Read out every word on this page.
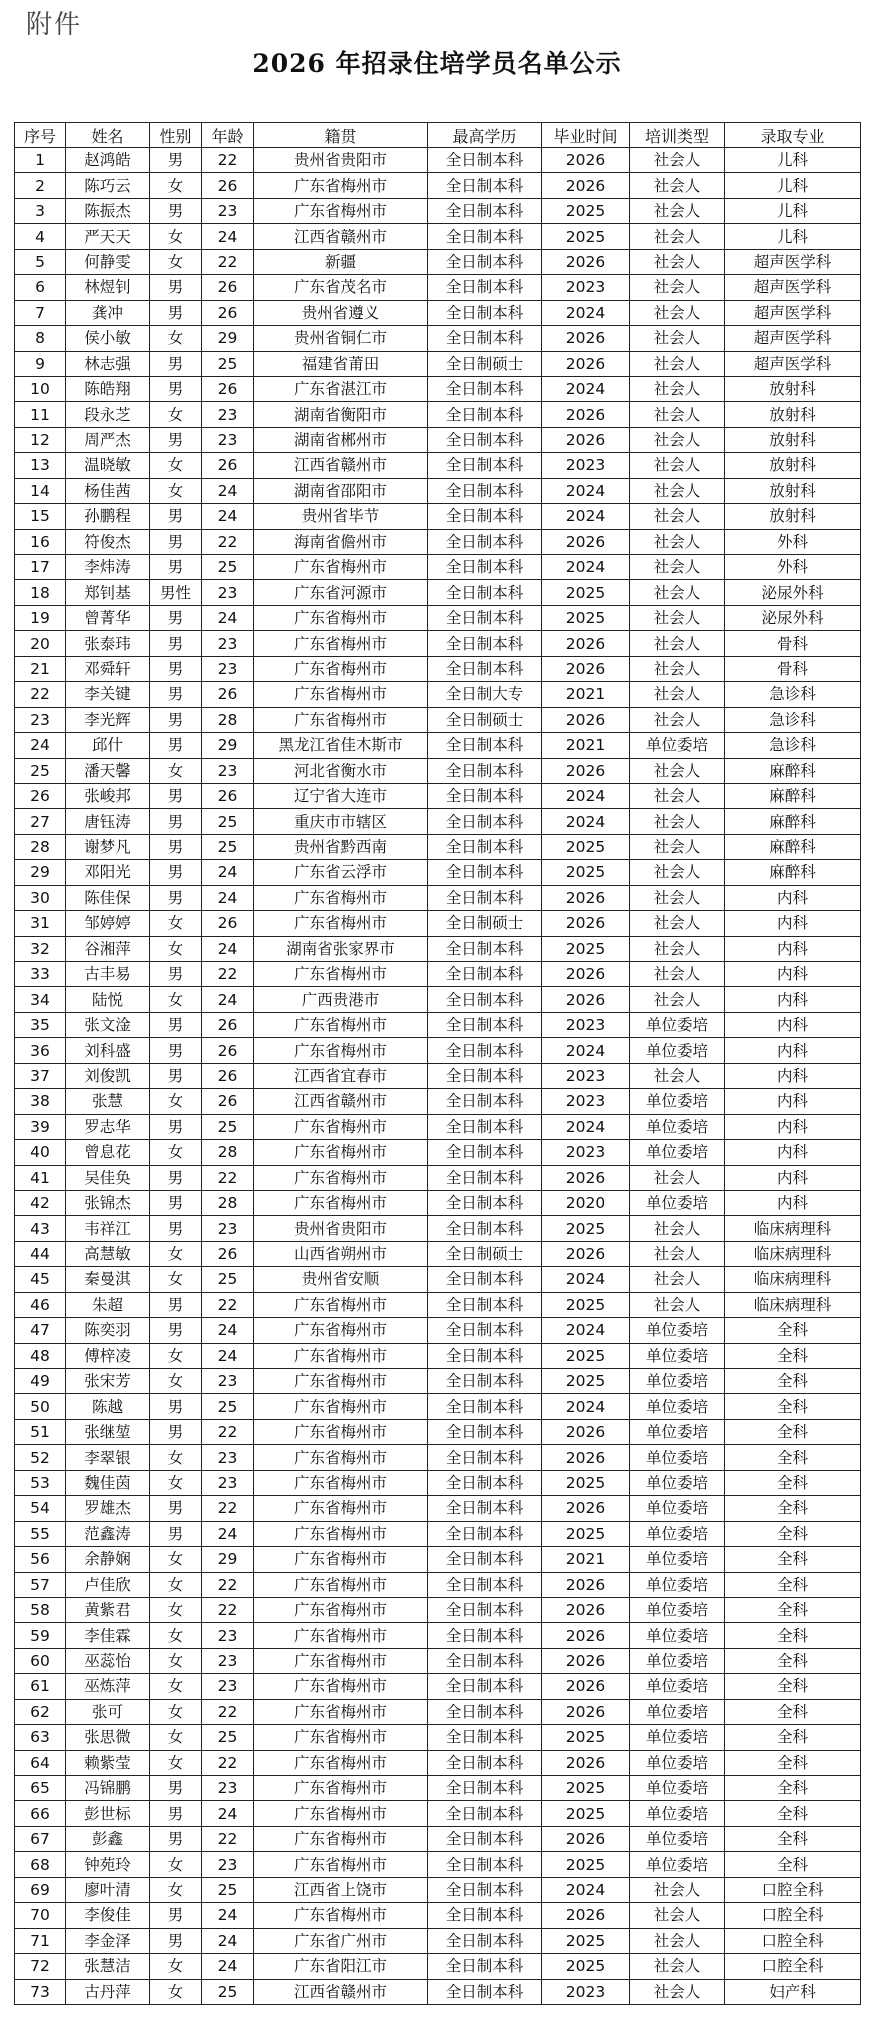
附件
2026 年招录住培学员名单公示
序号	姓名	性别	年龄	籍贯	最高学历	毕业时间	培训类型	录取专业
1	赵鸿皓	男	22	贵州省贵阳市	全日制本科	2026	社会人	儿科
2	陈巧云	女	26	广东省梅州市	全日制本科	2026	社会人	儿科
3	陈振杰	男	23	广东省梅州市	全日制本科	2025	社会人	儿科
4	严天天	女	24	江西省赣州市	全日制本科	2025	社会人	儿科
5	何静雯	女	22	新疆	全日制本科	2026	社会人	超声医学科
6	林煜钊	男	26	广东省茂名市	全日制本科	2023	社会人	超声医学科
7	龚冲	男	26	贵州省遵义	全日制本科	2024	社会人	超声医学科
8	侯小敏	女	29	贵州省铜仁市	全日制本科	2026	社会人	超声医学科
9	林志强	男	25	福建省莆田	全日制硕士	2026	社会人	超声医学科
10	陈皓翔	男	26	广东省湛江市	全日制本科	2024	社会人	放射科
11	段永芝	女	23	湖南省衡阳市	全日制本科	2026	社会人	放射科
12	周严杰	男	23	湖南省郴州市	全日制本科	2026	社会人	放射科
13	温晓敏	女	26	江西省赣州市	全日制本科	2023	社会人	放射科
14	杨佳茜	女	24	湖南省邵阳市	全日制本科	2024	社会人	放射科
15	孙鹏程	男	24	贵州省毕节	全日制本科	2024	社会人	放射科
16	符俊杰	男	22	海南省儋州市	全日制本科	2026	社会人	外科
17	李炜涛	男	25	广东省梅州市	全日制本科	2024	社会人	外科
18	郑钊基	男性	23	广东省河源市	全日制本科	2025	社会人	泌尿外科
19	曾菁华	男	24	广东省梅州市	全日制本科	2025	社会人	泌尿外科
20	张泰玮	男	23	广东省梅州市	全日制本科	2026	社会人	骨科
21	邓舜轩	男	23	广东省梅州市	全日制本科	2026	社会人	骨科
22	李关键	男	26	广东省梅州市	全日制大专	2021	社会人	急诊科
23	李光辉	男	28	广东省梅州市	全日制硕士	2026	社会人	急诊科
24	邱什	男	29	黑龙江省佳木斯市	全日制本科	2021	单位委培	急诊科
25	潘天馨	女	23	河北省衡水市	全日制本科	2026	社会人	麻醉科
26	张峻邦	男	26	辽宁省大连市	全日制本科	2024	社会人	麻醉科
27	唐钰涛	男	25	重庆市市辖区	全日制本科	2024	社会人	麻醉科
28	谢梦凡	男	25	贵州省黔西南	全日制本科	2025	社会人	麻醉科
29	邓阳光	男	24	广东省云浮市	全日制本科	2025	社会人	麻醉科
30	陈佳保	男	24	广东省梅州市	全日制本科	2026	社会人	内科
31	邹婷婷	女	26	广东省梅州市	全日制硕士	2026	社会人	内科
32	谷湘萍	女	24	湖南省张家界市	全日制本科	2025	社会人	内科
33	古丰易	男	22	广东省梅州市	全日制本科	2026	社会人	内科
34	陆悦	女	24	广西贵港市	全日制本科	2026	社会人	内科
35	张文淦	男	26	广东省梅州市	全日制本科	2023	单位委培	内科
36	刘科盛	男	26	广东省梅州市	全日制本科	2024	单位委培	内科
37	刘俊凯	男	26	江西省宜春市	全日制本科	2023	社会人	内科
38	张慧	女	26	江西省赣州市	全日制本科	2023	单位委培	内科
39	罗志华	男	25	广东省梅州市	全日制本科	2024	单位委培	内科
40	曾息花	女	28	广东省梅州市	全日制本科	2023	单位委培	内科
41	吴佳奂	男	22	广东省梅州市	全日制本科	2026	社会人	内科
42	张锦杰	男	28	广东省梅州市	全日制本科	2020	单位委培	内科
43	韦祥江	男	23	贵州省贵阳市	全日制本科	2025	社会人	临床病理科
44	高慧敏	女	26	山西省朔州市	全日制硕士	2026	社会人	临床病理科
45	秦曼淇	女	25	贵州省安顺	全日制本科	2024	社会人	临床病理科
46	朱超	男	22	广东省梅州市	全日制本科	2025	社会人	临床病理科
47	陈奕羽	男	24	广东省梅州市	全日制本科	2024	单位委培	全科
48	傅梓凌	女	24	广东省梅州市	全日制本科	2025	单位委培	全科
49	张宋芳	女	23	广东省梅州市	全日制本科	2025	单位委培	全科
50	陈越	男	25	广东省梅州市	全日制本科	2024	单位委培	全科
51	张继堃	男	22	广东省梅州市	全日制本科	2026	单位委培	全科
52	李翠银	女	23	广东省梅州市	全日制本科	2026	单位委培	全科
53	魏佳茵	女	23	广东省梅州市	全日制本科	2025	单位委培	全科
54	罗雄杰	男	22	广东省梅州市	全日制本科	2026	单位委培	全科
55	范鑫涛	男	24	广东省梅州市	全日制本科	2025	单位委培	全科
56	余静娴	女	29	广东省梅州市	全日制本科	2021	单位委培	全科
57	卢佳欣	女	22	广东省梅州市	全日制本科	2026	单位委培	全科
58	黄紫君	女	22	广东省梅州市	全日制本科	2026	单位委培	全科
59	李佳霖	女	23	广东省梅州市	全日制本科	2026	单位委培	全科
60	巫蕊怡	女	23	广东省梅州市	全日制本科	2026	单位委培	全科
61	巫炼萍	女	23	广东省梅州市	全日制本科	2026	单位委培	全科
62	张可	女	22	广东省梅州市	全日制本科	2026	单位委培	全科
63	张思微	女	25	广东省梅州市	全日制本科	2025	单位委培	全科
64	赖紫莹	女	22	广东省梅州市	全日制本科	2026	单位委培	全科
65	冯锦鹏	男	23	广东省梅州市	全日制本科	2025	单位委培	全科
66	彭世标	男	24	广东省梅州市	全日制本科	2025	单位委培	全科
67	彭鑫	男	22	广东省梅州市	全日制本科	2026	单位委培	全科
68	钟苑玲	女	23	广东省梅州市	全日制本科	2025	单位委培	全科
69	廖叶清	女	25	江西省上饶市	全日制本科	2024	社会人	口腔全科
70	李俊佳	男	24	广东省梅州市	全日制本科	2026	社会人	口腔全科
71	李金泽	男	24	广东省广州市	全日制本科	2025	社会人	口腔全科
72	张慧洁	女	24	广东省阳江市	全日制本科	2025	社会人	口腔全科
73	古丹萍	女	25	江西省赣州市	全日制本科	2023	社会人	妇产科
